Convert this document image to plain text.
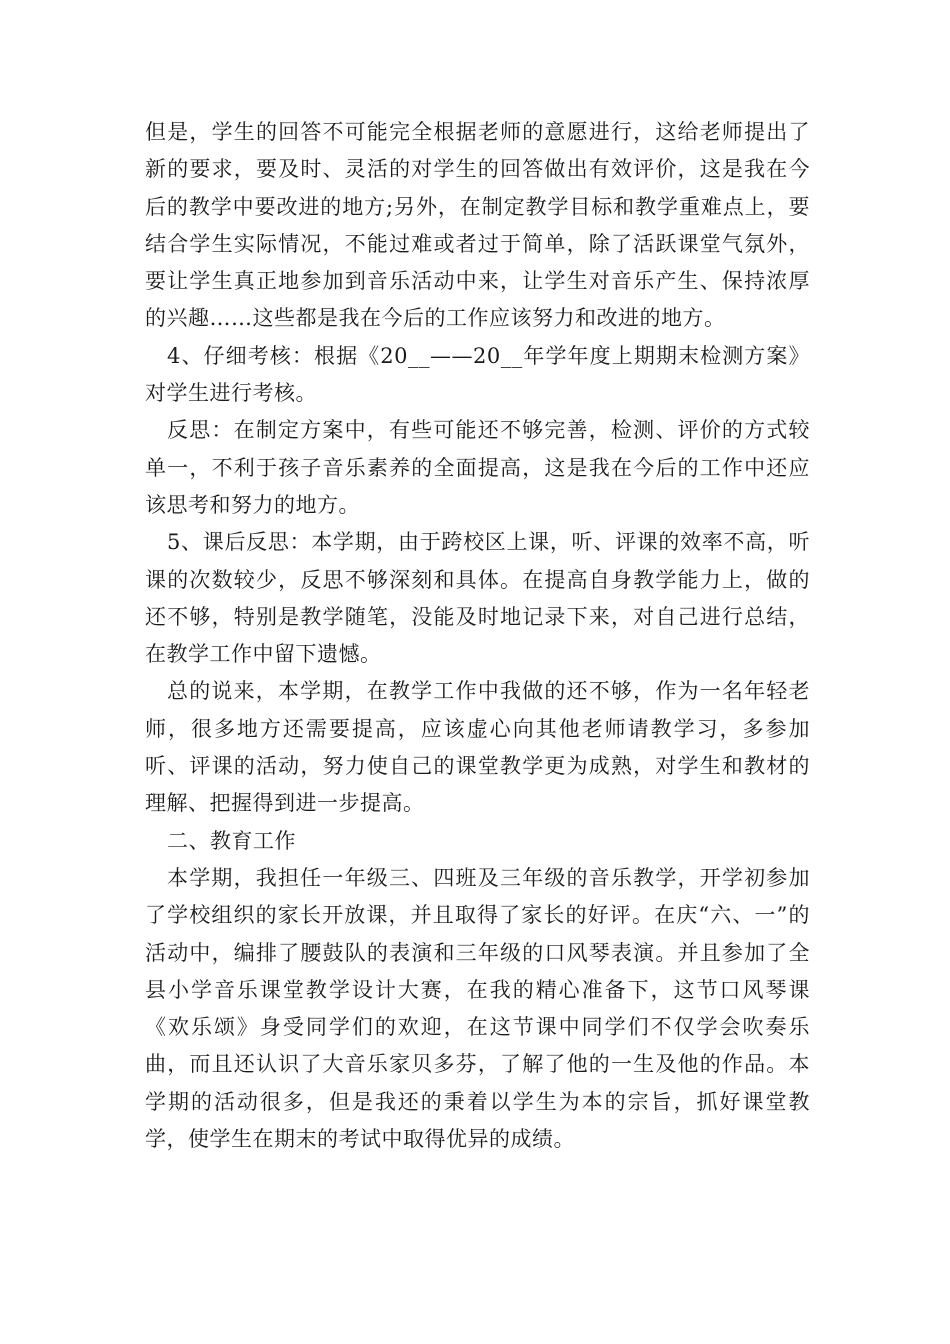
但是，学生的回答不可能完全根据老师的意愿进行，这给老师提出了新的要求，要及时、灵活的对学生的回答做出有效评价，这是我在今后的教学中要改进的地方;另外，在制定教学目标和教学重难点上，要结合学生实际情况，不能过难或者过于简单，除了活跃课堂气氛外，要让学生真正地参加到音乐活动中来，让学生对音乐产生、保持浓厚的兴趣……这些都是我在今后的工作应该努力和改进的地方。

4、仔细考核：根据《20__——20__年学年度上期期末检测方案》对学生进行考核。

反思：在制定方案中，有些可能还不够完善，检测、评价的方式较单一，不利于孩子音乐素养的全面提高，这是我在今后的工作中还应该思考和努力的地方。

5、课后反思：本学期，由于跨校区上课，听、评课的效率不高，听课的次数较少，反思不够深刻和具体。在提高自身教学能力上，做的还不够，特别是教学随笔，没能及时地记录下来，对自己进行总结，在教学工作中留下遗憾。

总的说来，本学期，在教学工作中我做的还不够，作为一名年轻老师，很多地方还需要提高，应该虚心向其他老师请教学习，多参加听、评课的活动，努力使自己的课堂教学更为成熟，对学生和教材的理解、把握得到进一步提高。

二、教育工作

本学期，我担任一年级三、四班及三年级的音乐教学，开学初参加了学校组织的家长开放课，并且取得了家长的好评。在庆“六、一”的活动中，编排了腰鼓队的表演和三年级的口风琴表演。并且参加了全县小学音乐课堂教学设计大赛，在我的精心准备下，这节口风琴课《欢乐颂》身受同学们的欢迎，在这节课中同学们不仅学会吹奏乐曲，而且还认识了大音乐家贝多芬，了解了他的一生及他的作品。本学期的活动很多，但是我还的秉着以学生为本的宗旨，抓好课堂教学，使学生在期末的考试中取得优异的成绩。
